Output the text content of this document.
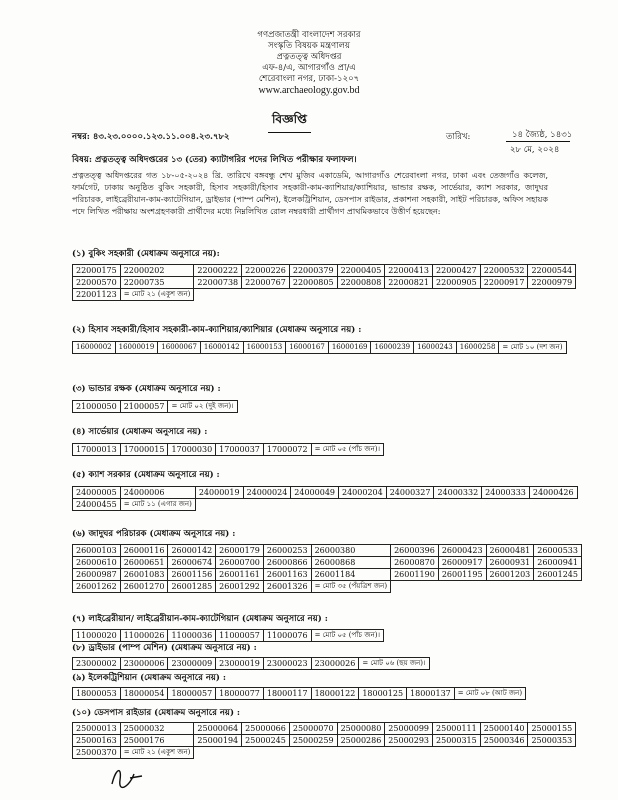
গণপ্রজাতন্ত্রী বাংলাদেশ সরকার
সংস্কৃতি বিষয়ক মন্ত্রণালয়
প্রত্নতত্ত্ব অধিদপ্তর
এফ-৪/এ, আগারগাঁও প্রা/এ
শেরেবাংলা নগর, ঢাকা-১২০৭
www.archaeology.gov.bd
বিজ্ঞপ্তি
নম্বর: ৪৩.২৩.০০০০.১২৩.১১.০০৪.২৩.৭৮২	তারিখ:	১৪ জ্যৈষ্ঠ, ১৪৩১
২৮ মে, ২০২৪
বিষয়: প্রত্নতত্ত্ব অধিদপ্তরের ১৩ (তের) ক্যাটাগরির পদের লিখিত পরীক্ষার ফলাফল।
প্রত্নতত্ত্ব অধিদপ্তরের গত ১৮-০৫-২০২৪ খ্রি. তারিখে বঙ্গবন্ধু শেখ মুজিব একাডেমি, আগারগাঁও শেরেবাংলা নগর, ঢাকা এবং তেজগাঁও কলেজ, ফার্মগেট, ঢাকায় অনুষ্ঠিত বুকিং সহকারী, হিসাব সহকারী/হিসাব সহকারী-কাম-ক্যাশিয়ার/ক্যাশিয়ার, ভান্ডার রক্ষক, সার্ভেয়ার, ক্যাশ সরকার, জাদুঘর পরিচারক, লাইব্রেরীয়ান-কাম-ক্যাটেগিয়ান, ড্রাইভার (পাম্প মেশিন), ইলেকট্রিশিয়ান, ডেসপাস রাইডার, প্রকাশনা সহকারী, সাইট পরিচারক, অফিস সহায়ক পদে লিখিত পরীক্ষায় অংশগ্রহণকারী প্রার্থীদের মধ্যে নিম্নলিখিত রোল নম্বরধারী প্রার্থীগণ প্রাথমিকভাবে উত্তীর্ণ হয়েছেন:
(১) বুকিং সহকারী (মেধাক্রম অনুসারে নয়):
22000175	22000202	22000222	22000226	22000379	22000405	22000413	22000427	22000532	22000544
22000570	22000735	22000738	22000767	22000805	22000808	22000821	22000905	22000917	22000979
22001123	= মোট ২১ (একুশ জন)								
(২) হিসাব সহকারী/হিসাব সহকারী-কাম-ক্যাশিয়ার/ক্যাশিয়ার (মেধাক্রম অনুসারে নয়) :
16000002	16000019	16000067	16000142	16000153	16000167	16000169	16000239	16000243	16000258	= মোট ১০ (দশ জন)
(৩) ভান্ডার রক্ষক (মেধাক্রম অনুসারে নয়) :
21000050	21000057	= মোট ০২ (দুই জন)।
(৪) সার্ভেয়ার (মেধাক্রম অনুসারে নয়) :
17000013	17000015	17000030	17000037	17000072	= মোট ০৫ (পাঁচ জন)।
(৫) ক্যাশ সরকার (মেধাক্রম অনুসারে নয়) :
24000005	24000006	24000019	24000024	24000049	24000204	24000327	24000332	24000333	24000426
24000455	= মোট ১১ (এগার জন)								
(৬) জাদুঘর পরিচারক (মেধাক্রম অনুসারে নয়) :
26000103	26000116	26000142	26000179	26000253	26000380	26000396	26000423	26000481	26000533
26000610	26000651	26000674	26000700	26000866	26000868	26000870	26000917	26000931	26000941
26000987	26001083	26001156	26001161	26001163	26001184	26001190	26001195	26001203	26001245
26001262	26001270	26001285	26001292	26001326	= মোট ৩৫ (পঁয়ত্রিশ জন)				
(৭) লাইব্রেরীয়ান/ লাইব্রেরীয়ান-কাম-ক্যাটেগিয়ান (মেধাক্রম অনুসারে নয়) :
11000020	11000026	11000036	11000057	11000076	= মোট ০৫ (পাঁচ জন)।
(৮) ড্রাইভার (পাম্প মেশিন) (মেধাক্রম অনুসারে নয়) :
23000002	23000006	23000009	23000019	23000023	23000026	= মোট ০৬ (ছয় জন)।
(৯) ইলেকট্রিশিয়ান (মেধাক্রম অনুসারে নয়) :
18000053	18000054	18000057	18000077	18000117	18000122	18000125	18000137	= মোট ০৮ (আট জন)
(১০) ডেসপাস রাইডার (মেধাক্রম অনুসারে নয়) :
25000013	25000032	25000064	25000066	25000070	25000080	25000099	25000111	25000140	25000155
25000163	25000176	25000194	25000245	25000259	25000286	25000293	25000315	25000346	25000353
25000370	= মোট ২১ (একুশ জন)								
